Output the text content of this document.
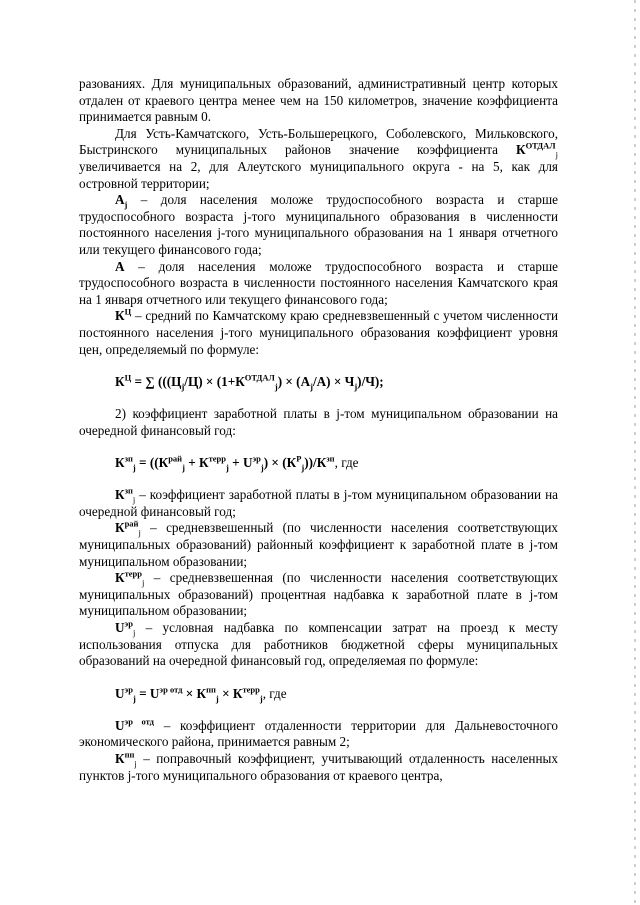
разованиях. Для муниципальных образований, административный центр которых отдален от краевого центра менее чем на 150 километров, значение коэффициента принимается равным 0.

Для Усть-Камчатского, Усть-Большерецкого, Соболевского, Мильковского, Быстринского муниципальных районов значение коэффициента $К^{ОТДАЛ}_j$ увеличивается на 2, для Алеутского муниципального округа - на 5, как для островной территории;

$A_j$ – доля населения моложе трудоспособного возраста и старше трудоспособного возраста j-того муниципального образования в численности постоянного населения j-того муниципального образования на 1 января отчетного или текущего финансового года;

А – доля населения моложе трудоспособного возраста и старше трудоспособного возраста в численности постоянного населения Камчатского края на 1 января отчетного или текущего финансового года;

$К^Ц$ – средний по Камчатскому краю средневзвешенный с учетом численности постоянного населения j-того муниципального образования коэффициент уровня цен, определяемый по формуле:

$К^Ц$ = ∑ $(((Ц_j/Ц) \times (1+К^{ОТДАЛ}_j) \times (A_j/A) \times Ч_j)/Ч)$;

2) коэффициент заработной платы в j-том муниципальном образовании на очередной финансовый год:

$К^{зп}_j = ((К^{рай}_j + К^{терр}_j + U^{эр}_j) \times (К^Р_j))/К^{зп}$, где

$К^{зп}_j$ – коэффициент заработной платы в j-том муниципальном образовании на очередной финансовый год;

$К^{рай}_j$ – средневзвешенный (по численности населения соответствующих муниципальных образований) районный коэффициент к заработной плате в j-том муниципальном образовании;

$К^{терр}_j$ – средневзвешенная (по численности населения соответствующих муниципальных образований) процентная надбавка к заработной плате в j-том муниципальном образовании;

$U^{эр}_j$ – условная надбавка по компенсации затрат на проезд к месту использования отпуска для работников бюджетной сферы муниципальных образований на очередной финансовый год, определяемая по формуле:

$U^{эр}_j = U^{эр отд} \times К^{пп}_j \times К^{терр}_j$, где

$U^{эр отд}$ – коэффициент отдаленности территории для Дальневосточного экономического района, принимается равным 2;

$К^{пп}_j$ – поправочный коэффициент, учитывающий отдаленность населенных пунктов j-того муниципального образования от краевого центра,
